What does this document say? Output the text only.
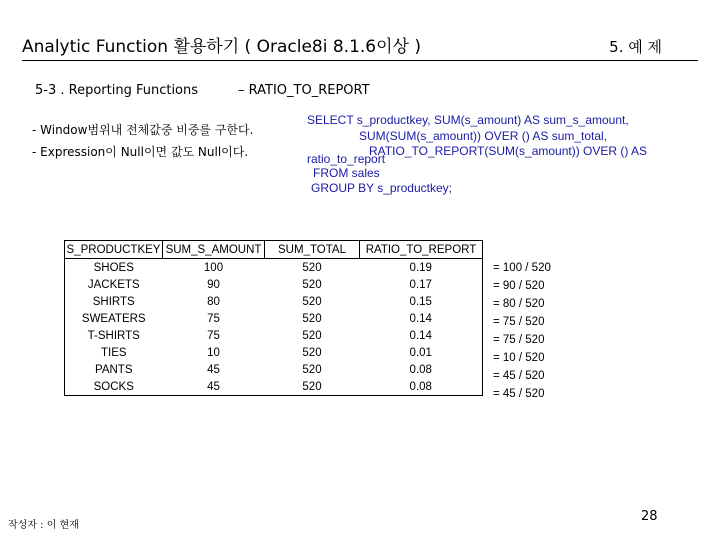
Analytic Function 활용하기 ( Oracle8i 8.1.6이상 )	5. 예 제
5-3 . Reporting Functions	– RATIO_TO_REPORT
- Window범위내 전체값중 비중를 구한다.
- Expression이 Null이면 값도 Null이다.
SELECT s_productkey, SUM(s_amount) AS sum_s_amount,
SUM(SUM(s_amount)) OVER () AS sum_total,
RATIO_TO_REPORT(SUM(s_amount)) OVER () AS
ratio_to_report
FROM sales
GROUP BY s_productkey;
S_PRODUCTKEY	SUM_S_AMOUNT	SUM_TOTAL	RATIO_TO_REPORT
SHOES	100	520	0.19
JACKETS	90	520	0.17
SHIRTS	80	520	0.15
SWEATERS	75	520	0.14
T-SHIRTS	75	520	0.14
TIES	10	520	0.01
PANTS	45	520	0.08
SOCKS	45	520	0.08
= 100 / 520
= 90 / 520
= 80 / 520
= 75 / 520
= 75 / 520
= 10 / 520
= 45 / 520
= 45 / 520
작성자 : 이 현재
28
